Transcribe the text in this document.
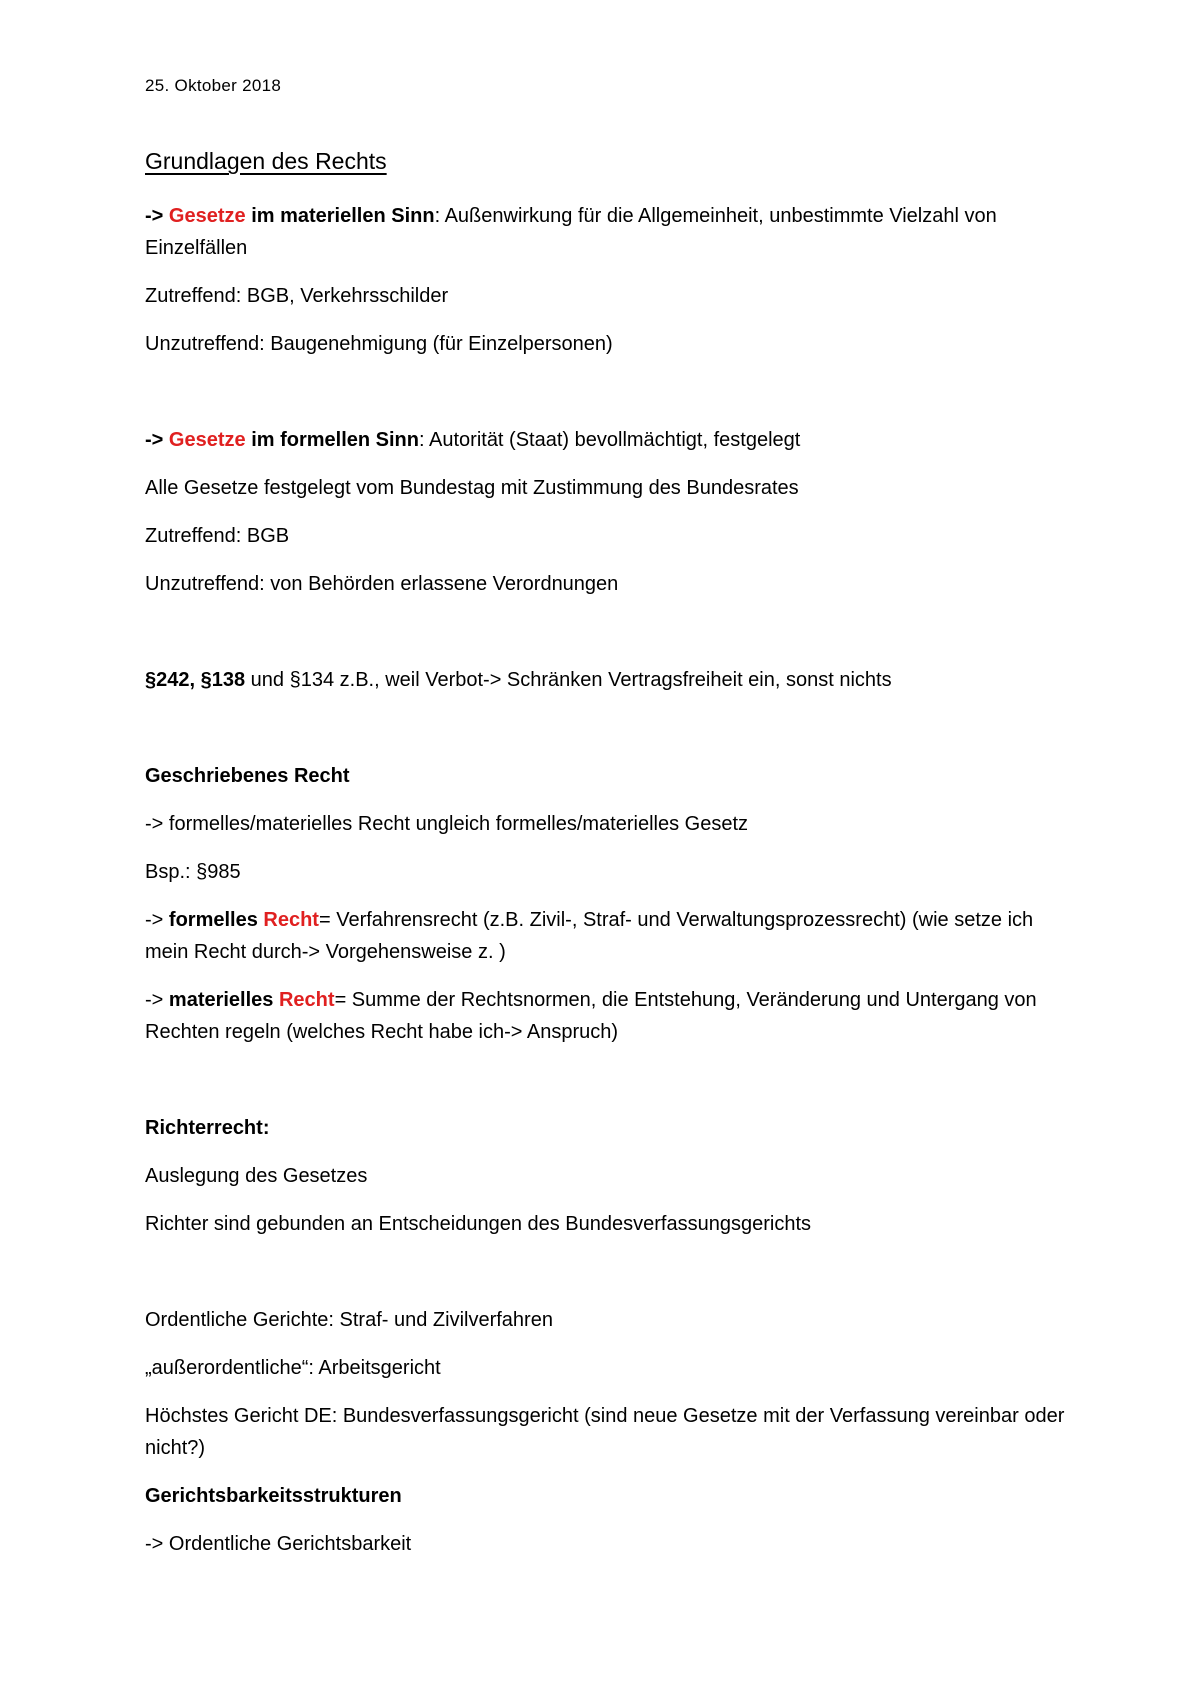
25. Oktober 2018
Grundlagen des Rechts

-> Gesetze im materiellen Sinn: Außenwirkung für die Allgemeinheit, unbestimmte Vielzahl von Einzelfällen

Zutreffend: BGB, Verkehrsschilder

Unzutreffend: Baugenehmigung (für Einzelpersonen)

-> Gesetze im formellen Sinn: Autorität (Staat) bevollmächtigt, festgelegt

Alle Gesetze festgelegt vom Bundestag mit Zustimmung des Bundesrates

Zutreffend: BGB

Unzutreffend: von Behörden erlassene Verordnungen

§242, §138 und §134 z.B., weil Verbot-> Schränken Vertragsfreiheit ein, sonst nichts

Geschriebenes Recht

-> formelles/materielles Recht ungleich formelles/materielles Gesetz

Bsp.: §985

-> formelles Recht= Verfahrensrecht (z.B. Zivil-, Straf- und Verwaltungsprozessrecht) (wie setze ich mein Recht durch-> Vorgehensweise z. )

-> materielles Recht= Summe der Rechtsnormen, die Entstehung, Veränderung und Untergang von Rechten regeln (welches Recht habe ich-> Anspruch)

Richterrecht:

Auslegung des Gesetzes

Richter sind gebunden an Entscheidungen des Bundesverfassungsgerichts

Ordentliche Gerichte: Straf- und Zivilverfahren

„außerordentliche“: Arbeitsgericht

Höchstes Gericht DE: Bundesverfassungsgericht (sind neue Gesetze mit der Verfassung vereinbar oder nicht?)

Gerichtsbarkeitsstrukturen

-> Ordentliche Gerichtsbarkeit
